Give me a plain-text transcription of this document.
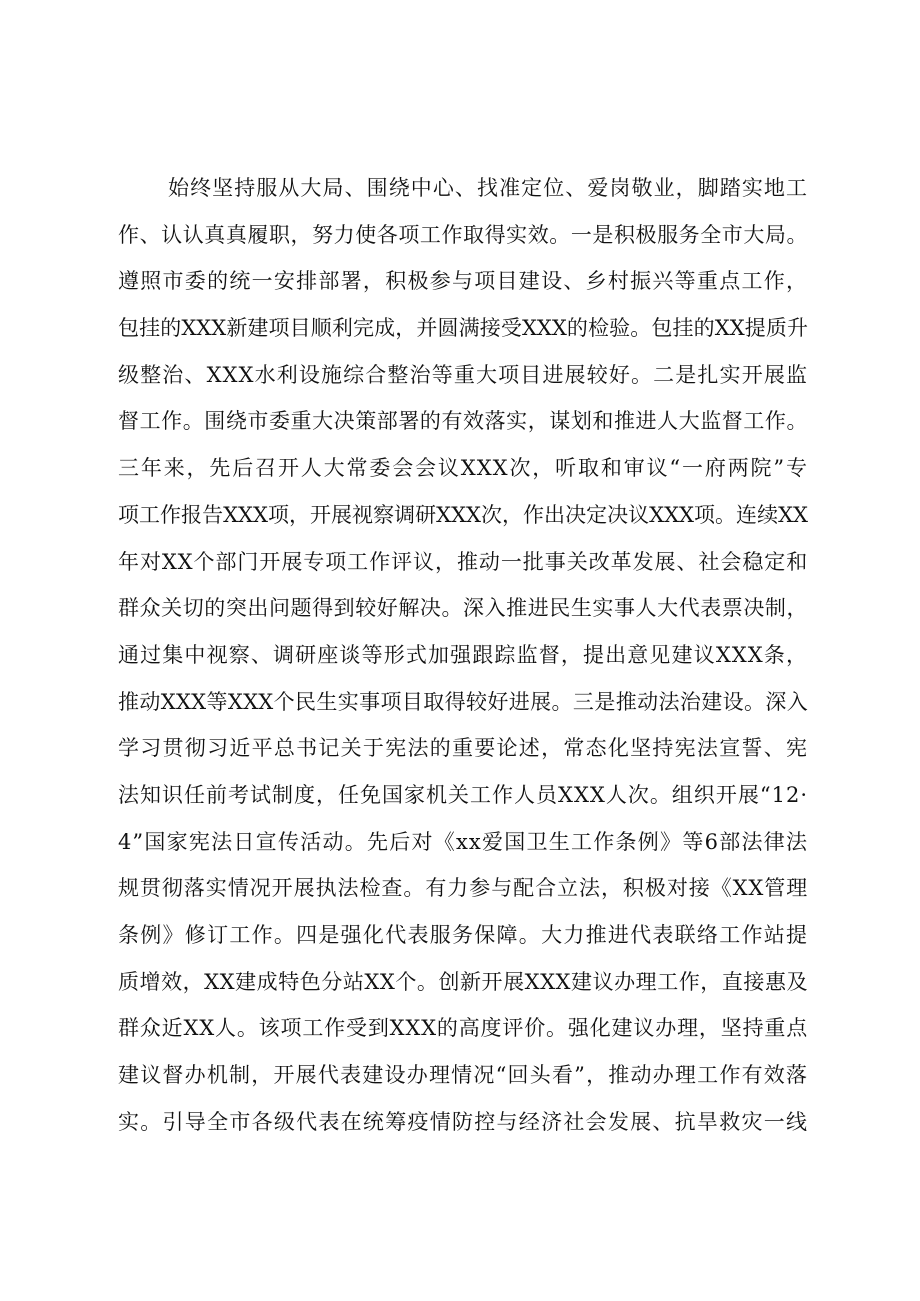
始终坚持服从大局、围绕中心、找准定位、爱岗敬业，脚踏实地工
作、认认真真履职，努力使各项工作取得实效。一是积极服务全市大局。
遵照市委的统一安排部署，积极参与项目建设、乡村振兴等重点工作，
包挂的XXX新建项目顺利完成，并圆满接受XXX的检验。包挂的XX提质升
级整治、XXX水利设施综合整治等重大项目进展较好。二是扎实开展监
督工作。围绕市委重大决策部署的有效落实，谋划和推进人大监督工作。
三年来，先后召开人大常委会会议XXX次，听取和审议“一府两院”专
项工作报告XXX项，开展视察调研XXX次，作出决定决议XXX项。连续XX
年对XX个部门开展专项工作评议，推动一批事关改革发展、社会稳定和
群众关切的突出问题得到较好解决。深入推进民生实事人大代表票决制，
通过集中视察、调研座谈等形式加强跟踪监督，提出意见建议XXX条，
推动XXX等XXX个民生实事项目取得较好进展。三是推动法治建设。深入
学习贯彻习近平总书记关于宪法的重要论述，常态化坚持宪法宣誓、宪
法知识任前考试制度，任免国家机关工作人员XXX人次。组织开展“12·
4”国家宪法日宣传活动。先后对《xx爱国卫生工作条例》等6部法律法
规贯彻落实情况开展执法检查。有力参与配合立法，积极对接《XX管理
条例》修订工作。四是强化代表服务保障。大力推进代表联络工作站提
质增效，XX建成特色分站XX个。创新开展XXX建议办理工作，直接惠及
群众近XX人。该项工作受到XXX的高度评价。强化建议办理，坚持重点
建议督办机制，开展代表建设办理情况“回头看”，推动办理工作有效落
实。引导全市各级代表在统筹疫情防控与经济社会发展、抗旱救灾一线
